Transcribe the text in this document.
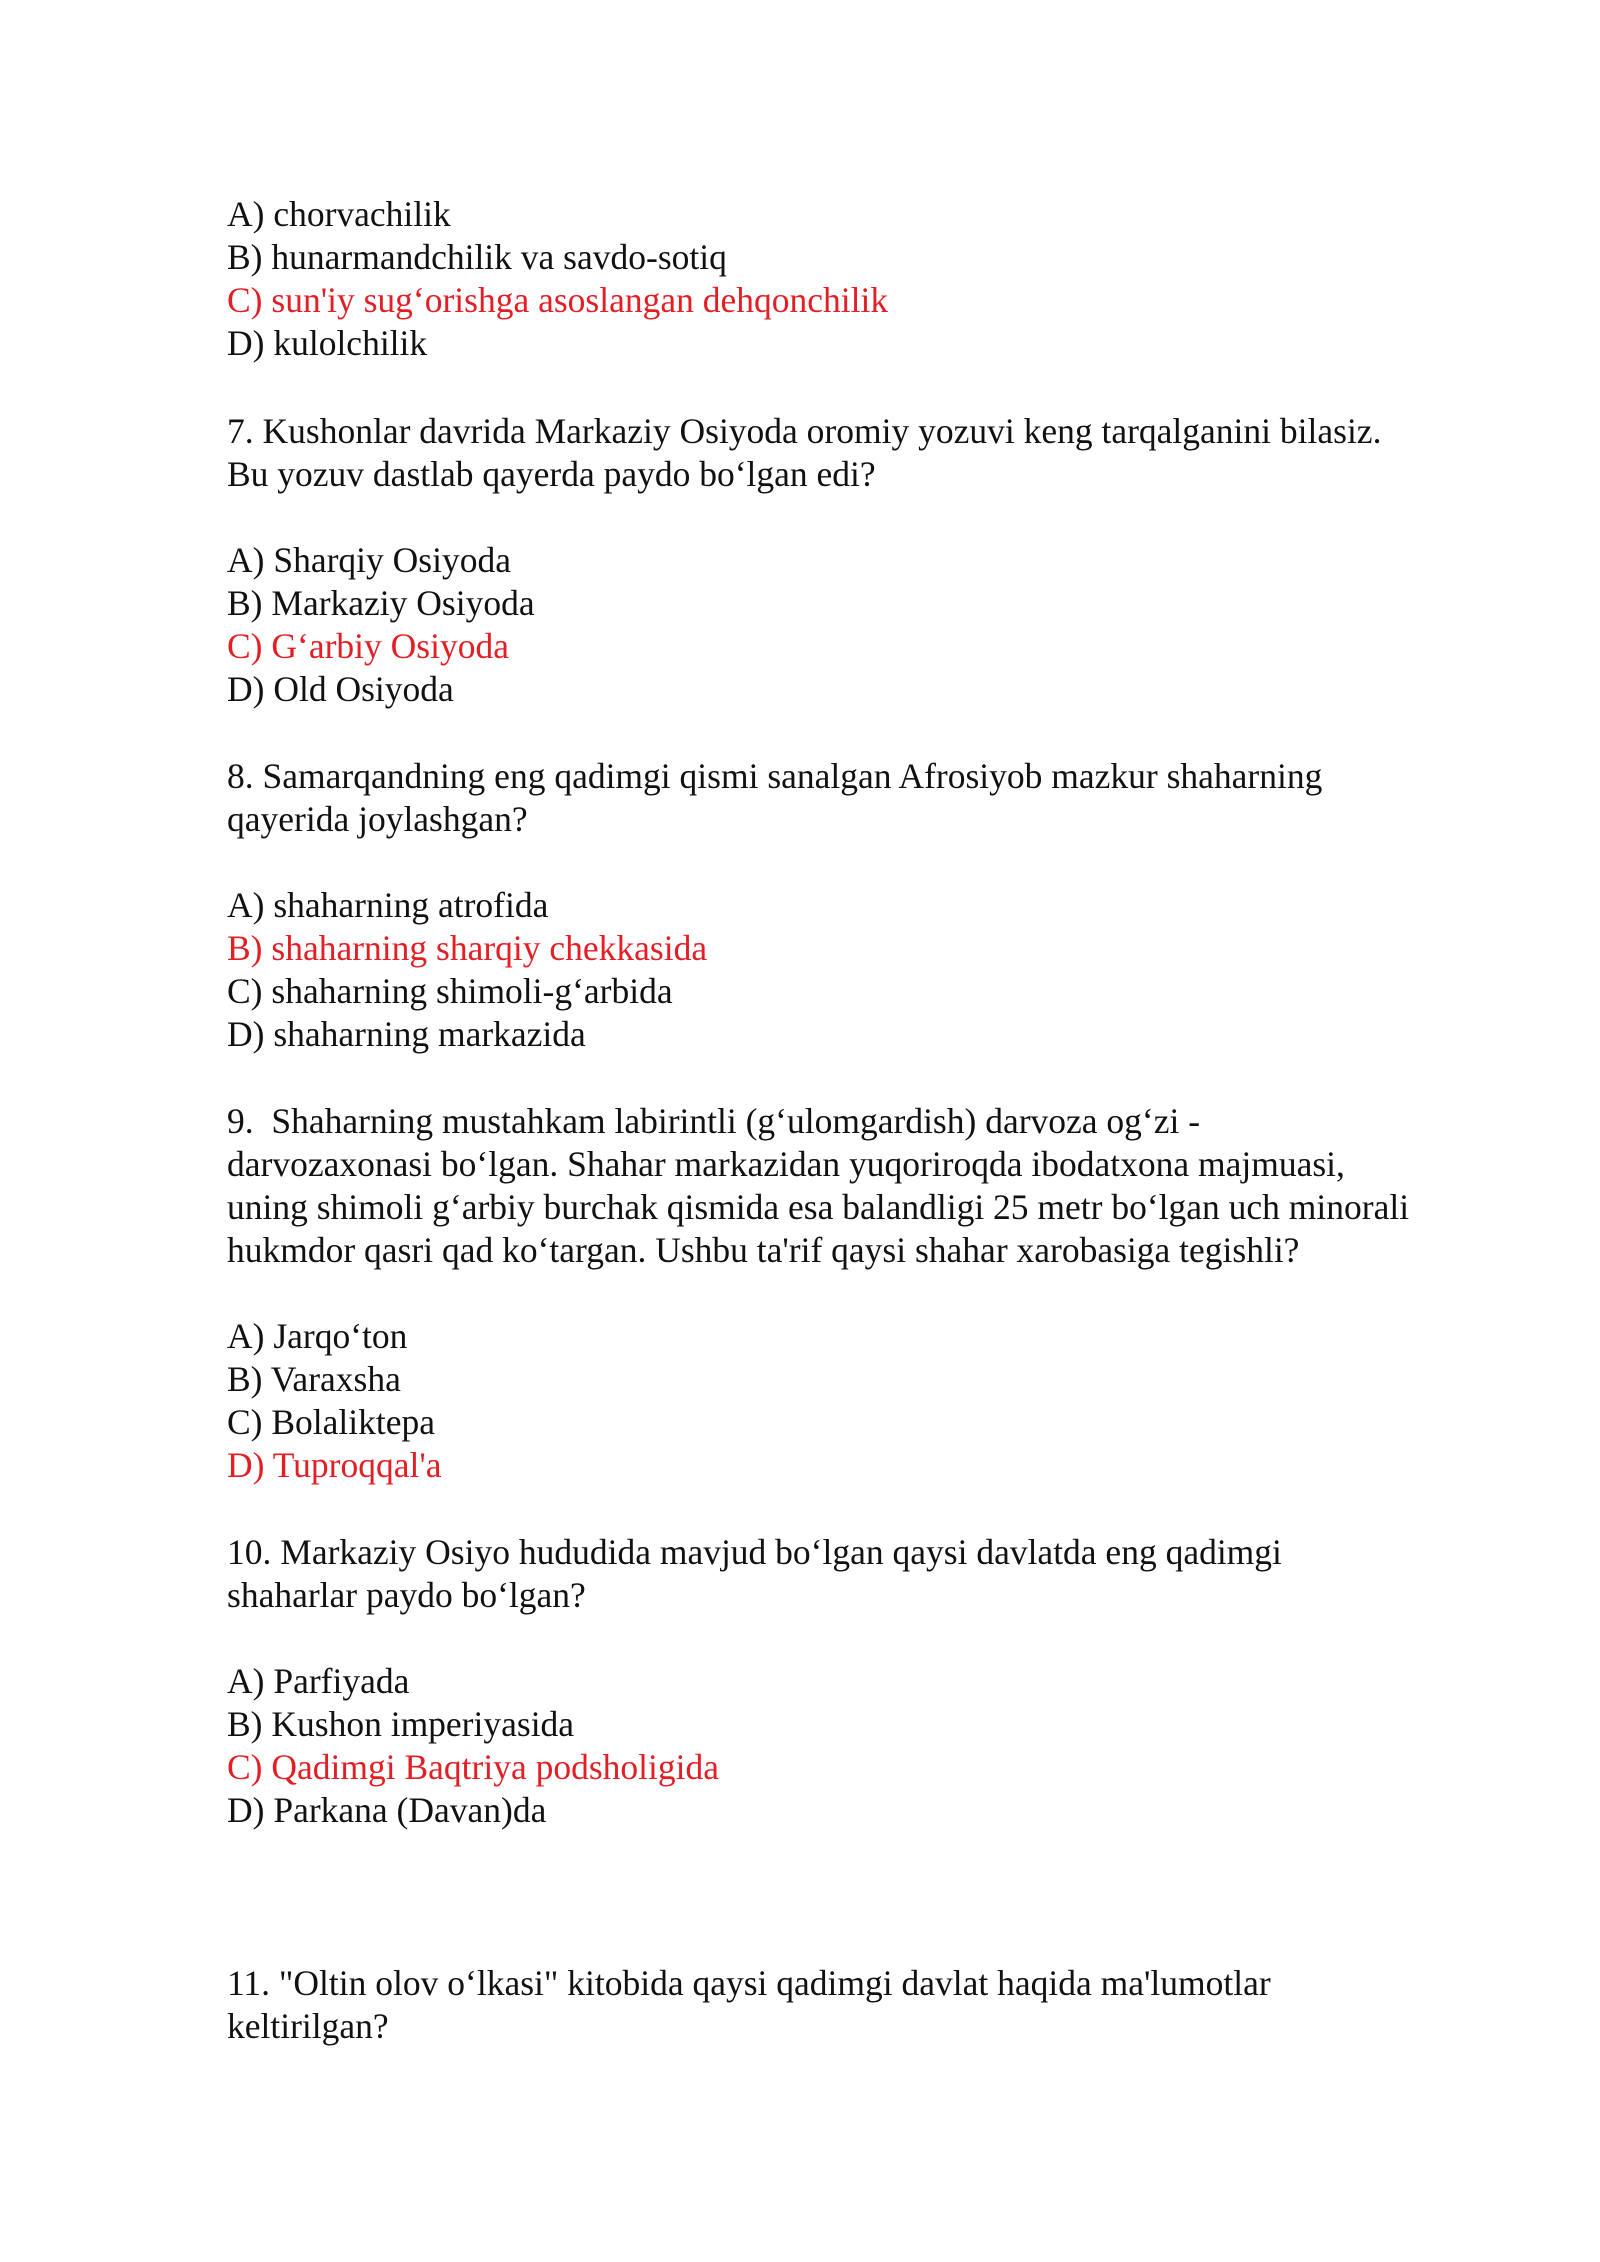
A) chorvachilik
B) hunarmandchilik va savdo-sotiq
C) sun'iy sug‘orishga asoslangan dehqonchilik
D) kulolchilik
7. Kushonlar davrida Markaziy Osiyoda oromiy yozuvi keng tarqalganini bilasiz.
Bu yozuv dastlab qayerda paydo bo‘lgan edi?
A) Sharqiy Osiyoda
B) Markaziy Osiyoda
C) G‘arbiy Osiyoda
D) Old Osiyoda
8. Samarqandning eng qadimgi qismi sanalgan Afrosiyob mazkur shaharning
qayerida joylashgan?
A) shaharning atrofida
B) shaharning sharqiy chekkasida
C) shaharning shimoli-g‘arbida
D) shaharning markazida
9.  Shaharning mustahkam labirintli (g‘ulomgardish) darvoza og‘zi -
darvozaxonasi bo‘lgan. Shahar markazidan yuqoriroqda ibodatxona majmuasi,
uning shimoli g‘arbiy burchak qismida esa balandligi 25 metr bo‘lgan uch minorali
hukmdor qasri qad ko‘targan. Ushbu ta'rif qaysi shahar xarobasiga tegishli?
A) Jarqo‘ton
B) Varaxsha
C) Bolaliktepa
D) Tuproqqal'a
10. Markaziy Osiyo hududida mavjud bo‘lgan qaysi davlatda eng qadimgi
shaharlar paydo bo‘lgan?
A) Parfiyada
B) Kushon imperiyasida
C) Qadimgi Baqtriya podsholigida
D) Parkana (Davan)da
11. "Oltin olov o‘lkasi" kitobida qaysi qadimgi davlat haqida ma'lumotlar
keltirilgan?
